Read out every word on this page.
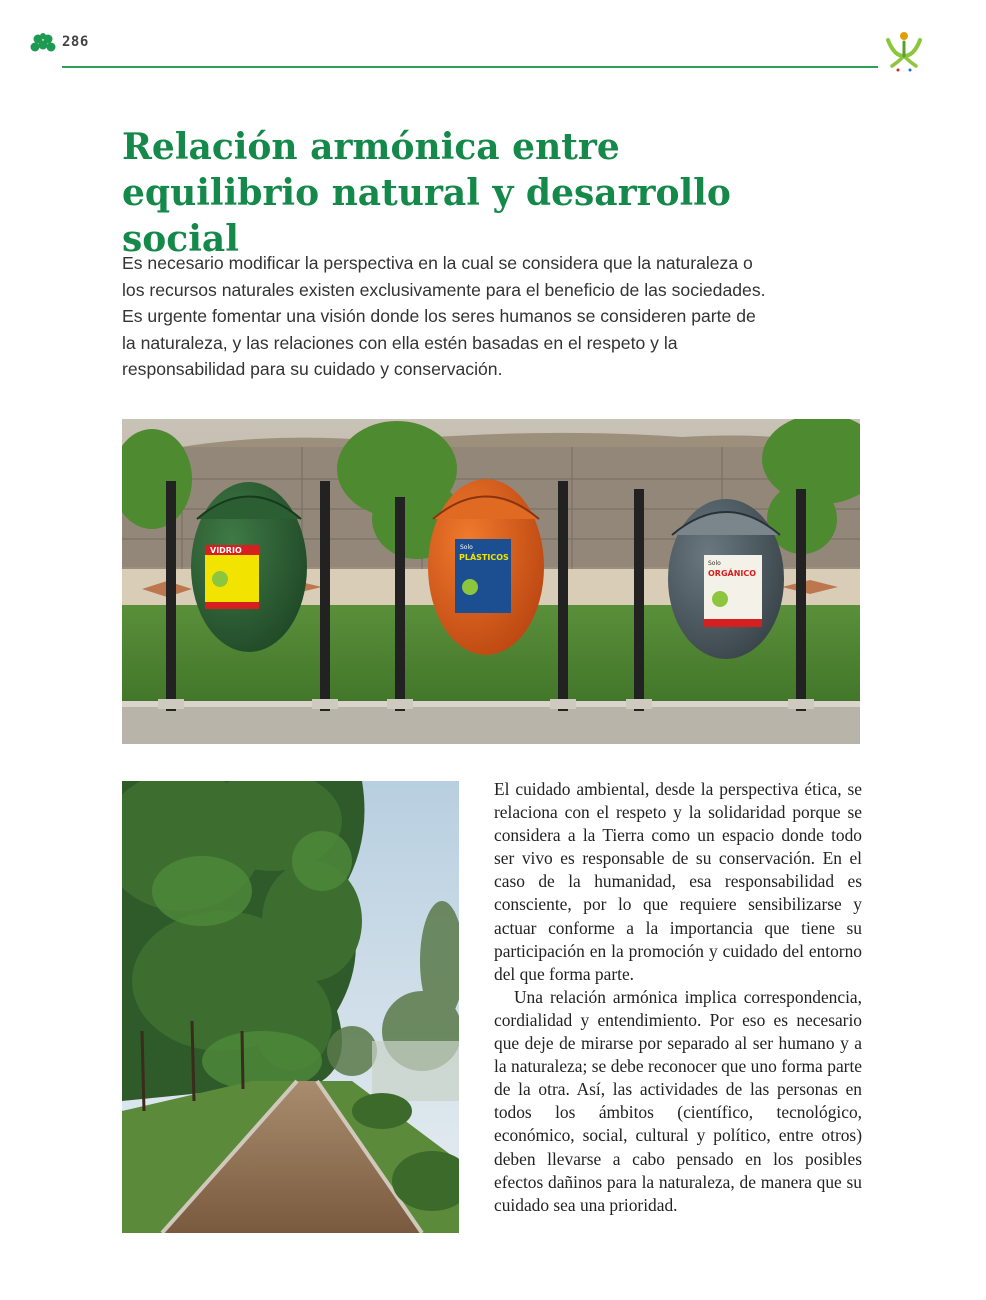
286
Relación armónica entre equilibrio natural y desarrollo social

Es necesario modificar la perspectiva en la cual se considera que la naturaleza o los recursos naturales existen exclusivamente para el beneficio de las sociedades. Es urgente fomentar una visión donde los seres humanos se consideren parte de la naturaleza, y las relaciones con ella estén basadas en el respeto y la responsabilidad para su cuidado y conservación.

VIDRIO	Solo
PLÁSTICOS
Solo
ORGÁNICO

El cuidado ambiental, desde la perspectiva ética, se relaciona con el respeto y la solidaridad porque se considera a la Tierra como un espacio donde todo ser vivo es responsable de su conservación. En el caso de la humanidad, esa responsabilidad es consciente, por lo que requiere sensibilizarse y actuar conforme a la importancia que tiene su participación en la promoción y cuidado del entorno del que forma parte.

Una relación armónica implica correspondencia, cordialidad y entendimiento. Por eso es necesario que deje de mirarse por separado al ser humano y a la naturaleza; se debe reconocer que uno forma parte de la otra. Así, las actividades de las personas en todos los ámbitos (científico, tecnológico, económico, social, cultural y político, entre otros) deben llevarse a cabo pensado en los posibles efectos dañinos para la naturaleza, de manera que su cuidado sea una prioridad.
